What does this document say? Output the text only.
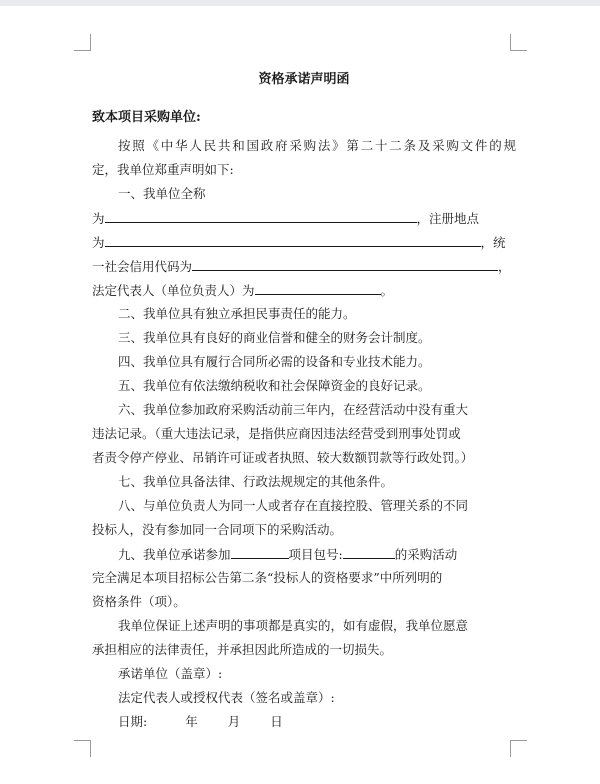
资格承诺声明函
致本项目采购单位:
按照《中华人民共和国政府采购法》第二十二条及采购文件的规
定，我单位郑重声明如下:
一、我单位全称
为	，注册地点
为	，统
一社会信用代码为	，
法定代表人（单位负责人）为	。
二、我单位具有独立承担民事责任的能力。
三、我单位具有良好的商业信誉和健全的财务会计制度。
四、我单位具有履行合同所必需的设备和专业技术能力。
五、我单位有依法缴纳税收和社会保障资金的良好记录。
六、我单位参加政府采购活动前三年内，在经营活动中没有重大
违法记录。（重大违法记录，是指供应商因违法经营受到刑事处罚或
者责令停产停业、吊销许可证或者执照、较大数额罚款等行政处罚。）
七、我单位具备法律、行政法规规定的其他条件。
八、与单位负责人为同一人或者存在直接控股、管理关系的不同
投标人，没有参加同一合同项下的采购活动。
九、我单位承诺参加	项目包号:	的采购活动
完全满足本项目招标公告第二条“投标人的资格要求”中所列明的
资格条件（项）。
我单位保证上述声明的事项都是真实的，如有虚假，我单位愿意
承担相应的法律责任，并承担因此所造成的一切损失。
承诺单位（盖章）:
法定代表人或授权代表（签名或盖章）:
日期:	年 月 日
